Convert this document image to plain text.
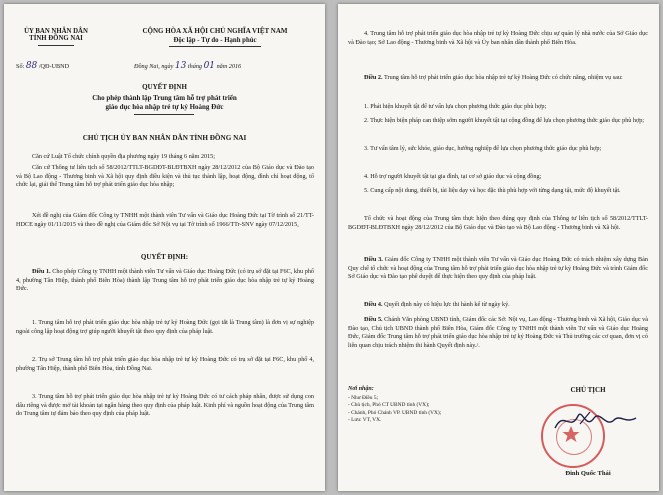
ỦY BAN NHÂN DÂN
TỈNH ĐỒNG NAI
CỘNG HÒA XÃ HỘI CHỦ NGHĨA VIỆT NAM
Độc lập - Tự do - Hạnh phúc
Số: 88 /QĐ-UBND	Đồng Nai, ngày 13 tháng 01 năm 2016
QUYẾT ĐỊNH
Cho phép thành lập Trung tâm hỗ trợ phát triển
giáo dục hòa nhập trẻ tự kỷ Hoàng Đức
CHỦ TỊCH ỦY BAN NHÂN DÂN TỈNH ĐỒNG NAI
Căn cứ Luật Tổ chức chính quyền địa phương ngày 19 tháng 6 năm 2015;
Căn cứ Thông tư liên tịch số 58/2012/TTLT-BGDĐT-BLĐTBXH ngày 28/12/2012 của Bộ Giáo dục và Đào tạo và Bộ Lao động - Thương binh và Xã hội quy định điều kiện và thủ tục thành lập, hoạt động, đình chỉ hoạt động, tổ chức lại, giải thể Trung tâm hỗ trợ phát triển giáo dục hòa nhập;
Xét đề nghị của Giám đốc Công ty TNHH một thành viên Tư vấn và Giáo dục Hoàng Đức tại Tờ trình số 21/TT-HDCE ngày 01/11/2015 và theo đề nghị của Giám đốc Sở Nội vụ tại Tờ trình số 1966/TTr-SNV ngày 07/12/2015,
QUYẾT ĐỊNH:
Điều 1. Cho phép Công ty TNHH một thành viên Tư vấn và Giáo dục Hoàng Đức (có trụ sở đặt tại F6C, khu phố 4, phường Tân Hiệp, thành phố Biên Hòa) thành lập Trung tâm hỗ trợ phát triển giáo dục hòa nhập trẻ tự kỷ Hoàng Đức.
1. Trung tâm hỗ trợ phát triển giáo dục hòa nhập trẻ tự kỷ Hoàng Đức (gọi tắt là Trung tâm) là đơn vị sự nghiệp ngoài công lập hoạt động trợ giúp người khuyết tật theo quy định của pháp luật.
2. Trụ sở Trung tâm hỗ trợ phát triển giáo dục hòa nhập trẻ tự kỷ Hoàng Đức có trụ sở đặt tại F6C, khu phố 4, phường Tân Hiệp, thành phố Biên Hòa, tỉnh Đồng Nai.
3. Trung tâm hỗ trợ phát triển giáo dục hòa nhập trẻ tự kỷ Hoàng Đức có tư cách pháp nhân, được sử dụng con dấu riêng và được mở tài khoản tại ngân hàng theo quy định của pháp luật. Kinh phí và nguồn hoạt động của Trung tâm do Trung tâm tự đảm bảo theo quy định của pháp luật.
4. Trung tâm hỗ trợ phát triển giáo dục hòa nhập trẻ tự kỷ Hoàng Đức chịu sự quản lý nhà nước của Sở Giáo dục và Đào tạo; Sở Lao động - Thương binh và Xã hội và Ủy ban nhân dân thành phố Biên Hòa.
Điều 2. Trung tâm hỗ trợ phát triển giáo dục hòa nhập trẻ tự kỷ Hoàng Đức có chức năng, nhiệm vụ sau:
1. Phát hiện khuyết tật để tư vấn lựa chọn phương thức giáo dục phù hợp;
2. Thực hiện biện pháp can thiệp sớm người khuyết tật tại cộng đồng để lựa chọn phương thức giáo dục phù hợp;
3. Tư vấn tâm lý, sức khỏe, giáo dục, hướng nghiệp để lựa chọn phương thức giáo dục phù hợp;
4. Hỗ trợ người khuyết tật tại gia đình, tại cơ sở giáo dục và cộng đồng;
5. Cung cấp nội dung, thiết bị, tài liệu dạy và học đặc thù phù hợp với từng dạng tật, mức độ khuyết tật.
Tổ chức và hoạt động của Trung tâm thực hiện theo đúng quy định của Thông tư liên tịch số 58/2012/TTLT-BGDĐT-BLĐTBXH ngày 28/12/2012 của Bộ Giáo dục và Đào tạo và Bộ Lao động - Thương binh và Xã hội.
Điều 3. Giám đốc Công ty TNHH một thành viên Tư vấn và Giáo dục Hoàng Đức có trách nhiệm xây dựng Bản Quy chế tổ chức và hoạt động của Trung tâm hỗ trợ phát triển giáo dục hòa nhập trẻ tự kỷ Hoàng Đức và trình Giám đốc Sở Giáo dục và Đào tạo phê duyệt để thực hiện theo quy định của pháp luật.
Điều 4. Quyết định này có hiệu lực thi hành kể từ ngày ký.
Điều 5. Chánh Văn phòng UBND tỉnh, Giám đốc các Sở: Nội vụ, Lao động - Thương binh và Xã hội, Giáo dục và Đào tạo, Chủ tịch UBND thành phố Biên Hòa, Giám đốc Công ty TNHH một thành viên Tư vấn và Giáo dục Hoàng Đức, Giám đốc Trung tâm hỗ trợ phát triển giáo dục hòa nhập trẻ tự kỷ Hoàng Đức và Thủ trưởng các cơ quan, đơn vị có liên quan chịu trách nhiệm thi hành Quyết định này./.
Nơi nhận:
- Như Điều 5;
- Chủ tịch, Phó CT UBND tỉnh (VX);
- Chánh, Phó Chánh VP. UBND tỉnh (VX);
- Lưu: VT, VX.
CHỦ TỊCH
Đinh Quốc Thái
